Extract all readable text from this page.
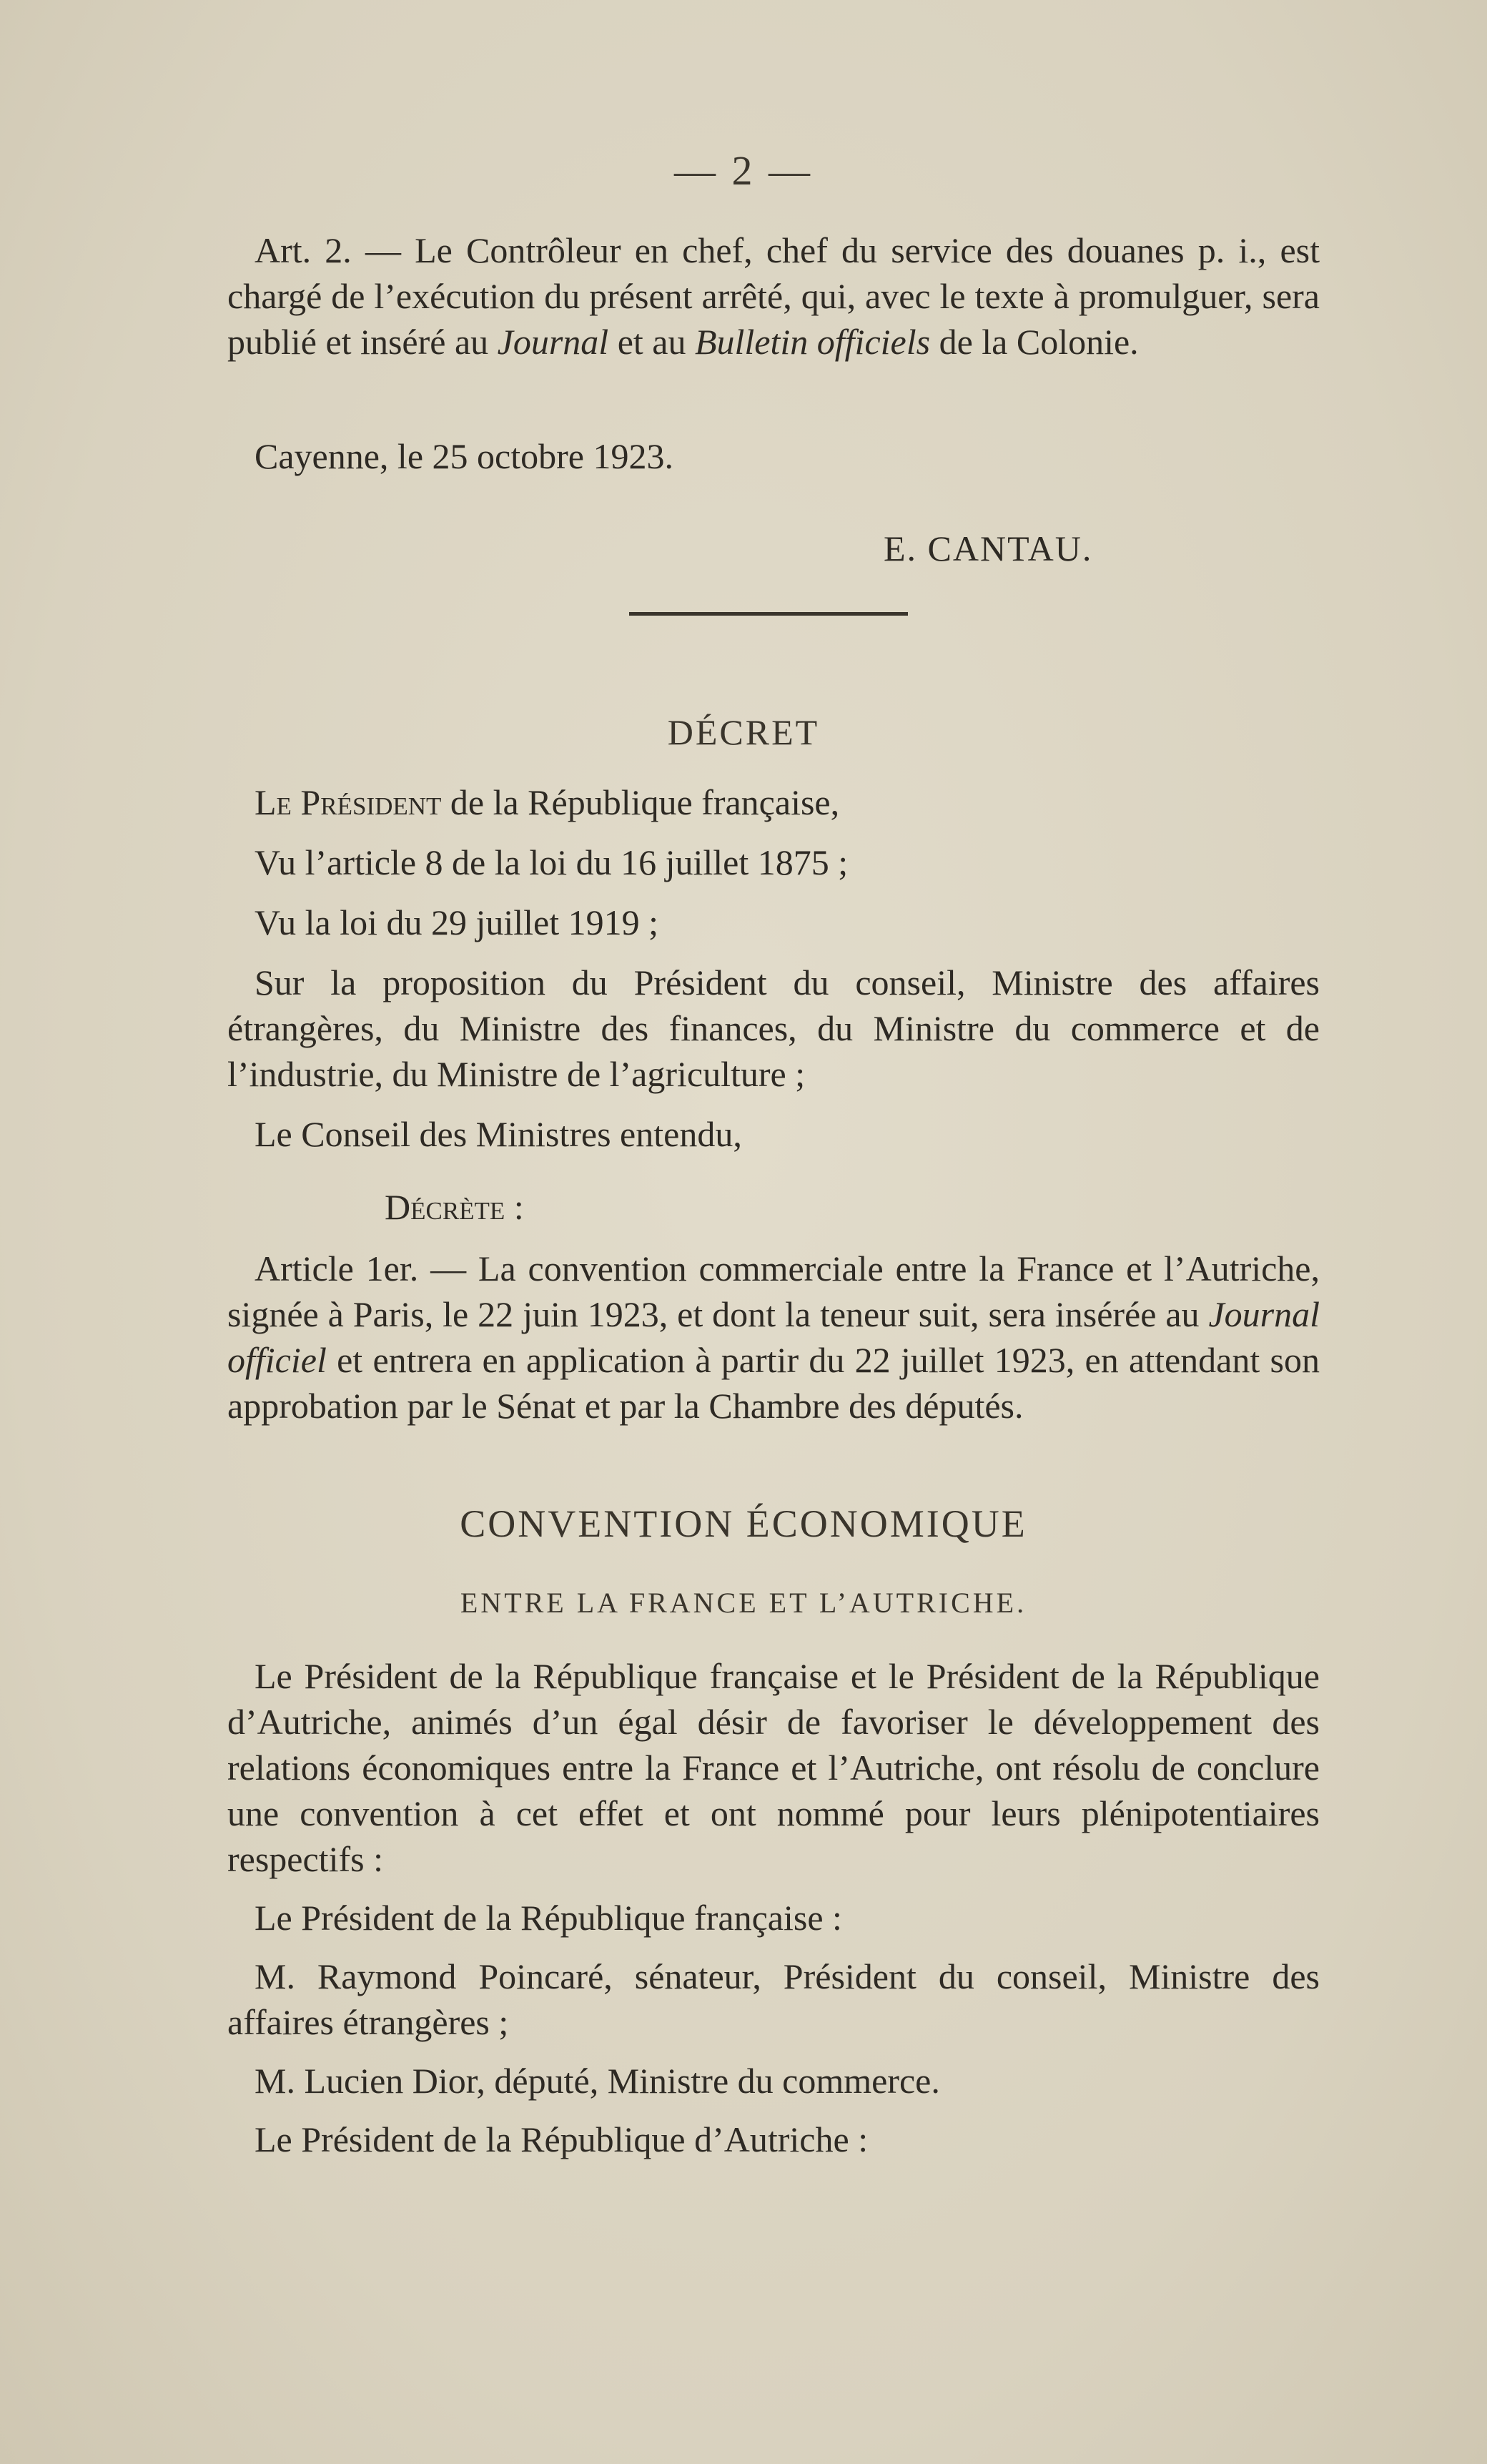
— 2 —

Art. 2. — Le Contrôleur en chef, chef du service des douanes p. i., est chargé de l’exécution du présent arrêté, qui, avec le texte à promulguer, sera publié et inséré au Journal et au Bulletin officiels de la Colonie.

Cayenne, le 25 octobre 1923.

E. CANTAU.
DÉCRET

Le Président de la République française,

Vu l’article 8 de la loi du 16 juillet 1875 ;

Vu la loi du 29 juillet 1919 ;

Sur la proposition du Président du conseil, Ministre des affaires étrangères, du Ministre des finances, du Ministre du commerce et de l’industrie, du Ministre de l’agriculture ;

Le Conseil des Ministres entendu,

Décrète :

Article 1er. — La convention commerciale entre la France et l’Autriche, signée à Paris, le 22 juin 1923, et dont la teneur suit, sera insérée au Journal officiel et entrera en application à partir du 22 juillet 1923, en attendant son approbation par le Sénat et par la Chambre des députés.

CONVENTION ÉCONOMIQUE
ENTRE LA FRANCE ET L’AUTRICHE.

Le Président de la République française et le Président de la République d’Autriche, animés d’un égal désir de favoriser le développement des relations économiques entre la France et l’Autriche, ont résolu de conclure une convention à cet effet et ont nommé pour leurs plénipotentiaires respectifs :

Le Président de la République française :

M. Raymond Poincaré, sénateur, Président du conseil, Ministre des affaires étrangères ;

M. Lucien Dior, député, Ministre du commerce.

Le Président de la République d’Autriche :
